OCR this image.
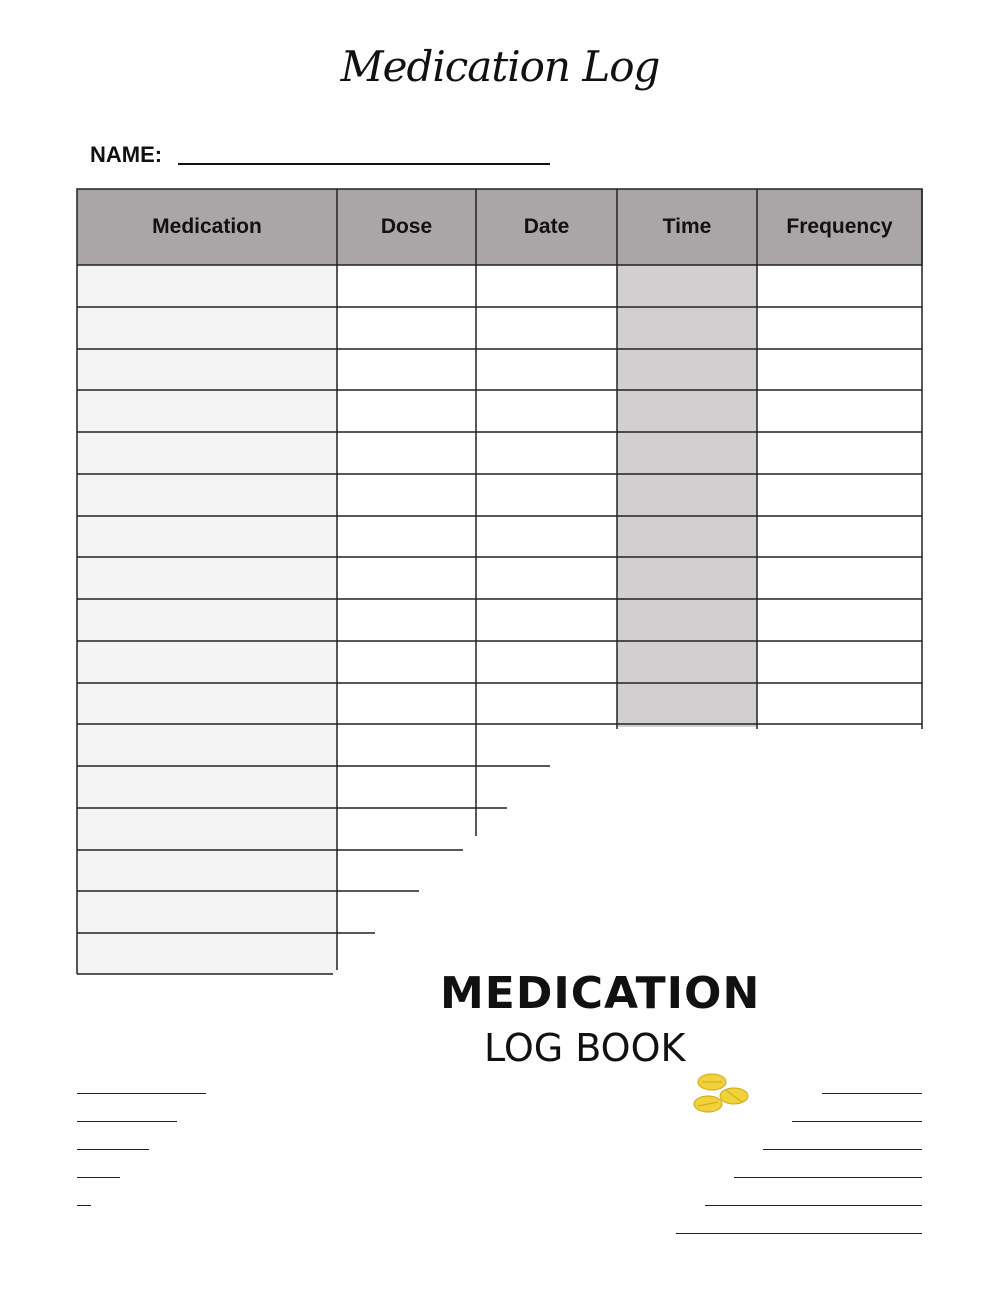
Medication Log
NAME:
Medication	Dose	Date	Time	Frequency
MEDICATION
LOG BOOK
